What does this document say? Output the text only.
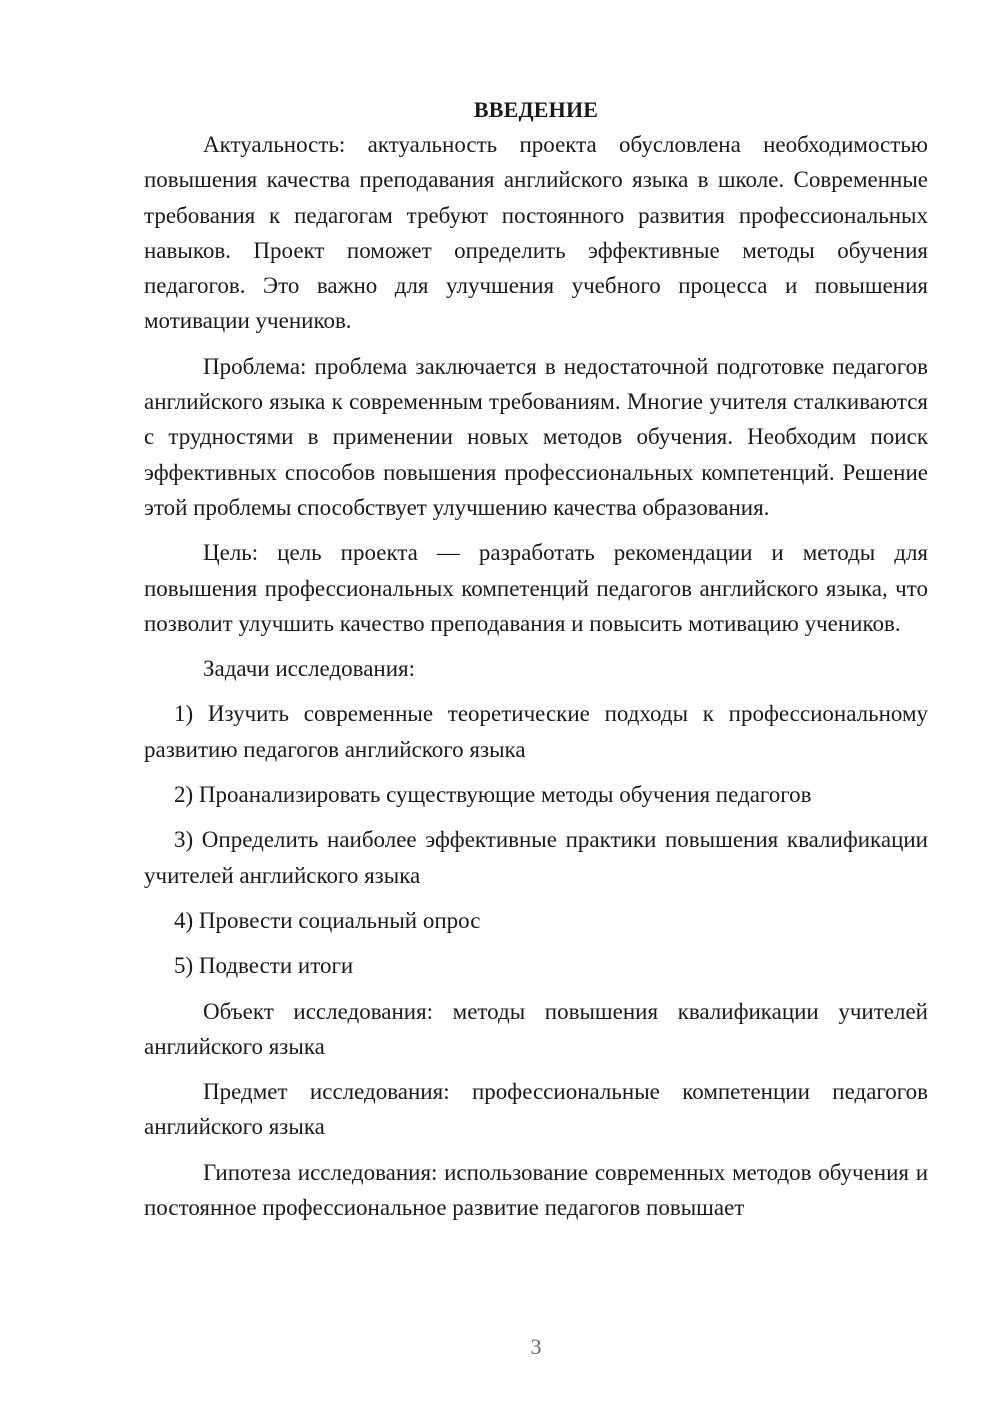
ВВЕДЕНИЕ

Актуальность: актуальность проекта обусловлена необходимостью повышения качества преподавания английского языка в школе. Современные требования к педагогам требуют постоянного развития профессиональных навыков. Проект поможет определить эффективные методы обучения педагогов. Это важно для улучшения учебного процесса и повышения мотивации учеников.

Проблема: проблема заключается в недостаточной подготовке педагогов английского языка к современным требованиям. Многие учителя сталкиваются с трудностями в применении новых методов обучения. Необходим поиск эффективных способов повышения профессиональных компетенций. Решение этой проблемы способствует улучшению качества образования.

Цель: цель проекта — разработать рекомендации и методы для повышения профессиональных компетенций педагогов английского языка, что позволит улучшить качество преподавания и повысить мотивацию учеников.

Задачи исследования:

1) Изучить современные теоретические подходы к профессиональному развитию педагогов английского языка

2) Проанализировать существующие методы обучения педагогов

3) Определить наиболее эффективные практики повышения квалификации учителей английского языка

4) Провести социальный опрос

5) Подвести итоги

Объект исследования: методы повышения квалификации учителей английского языка

Предмет исследования: профессиональные компетенции педагогов английского языка

Гипотеза исследования: использование современных методов обучения и постоянное профессиональное развитие педагогов повышает

3
